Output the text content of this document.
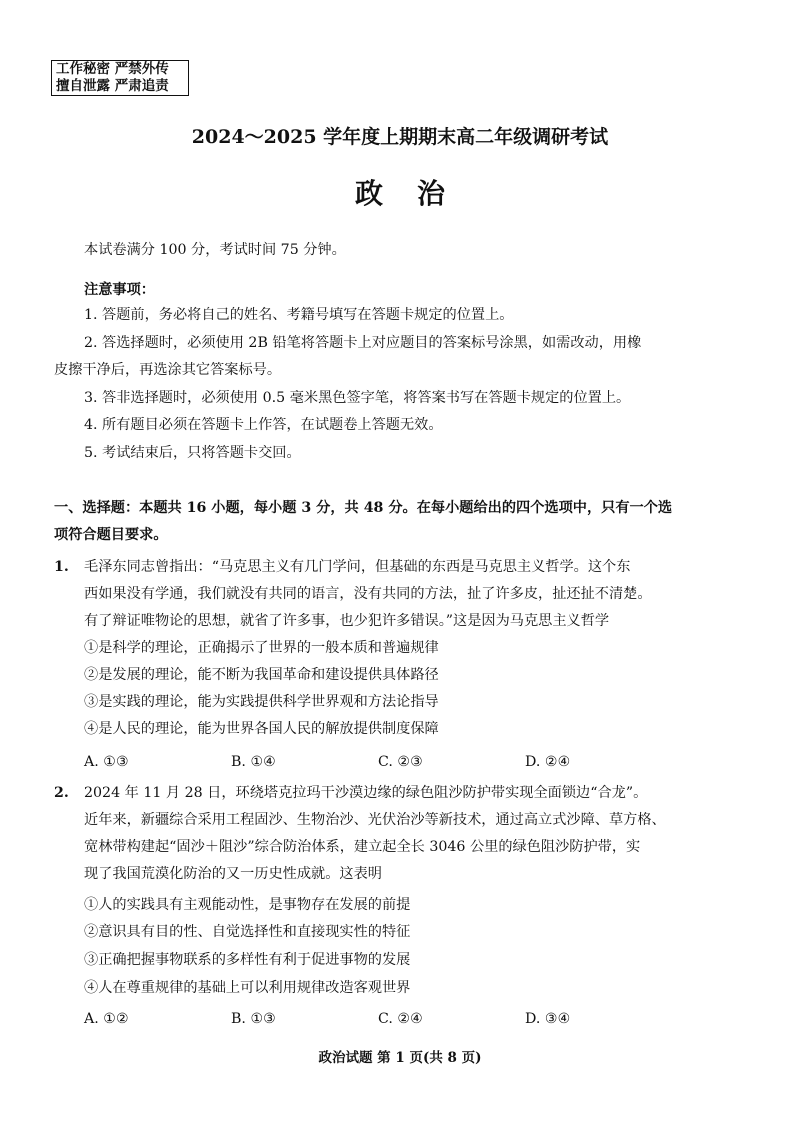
工作秘密 严禁外传
擅自泄露 严肃追责
2024～2025 学年度上期期末高二年级调研考试
政治
本试卷满分 100 分，考试时间 75 分钟。
注意事项：
1. 答题前，务必将自己的姓名、考籍号填写在答题卡规定的位置上。
2. 答选择题时，必须使用 2B 铅笔将答题卡上对应题目的答案标号涂黑，如需改动，用橡
皮擦干净后，再选涂其它答案标号。
3. 答非选择题时，必须使用 0.5 毫米黑色签字笔，将答案书写在答题卡规定的位置上。
4. 所有题目必须在答题卡上作答，在试题卷上答题无效。
5. 考试结束后，只将答题卡交回。
一、选择题：本题共 16 小题，每小题 3 分，共 48 分。在每小题给出的四个选项中，只有一个选
项符合题目要求。
1. 毛泽东同志曾指出：“马克思主义有几门学问，但基础的东西是马克思主义哲学。这个东
西如果没有学通，我们就没有共同的语言，没有共同的方法，扯了许多皮，扯还扯不清楚。
有了辩证唯物论的思想，就省了许多事，也少犯许多错误。”这是因为马克思主义哲学
①是科学的理论，正确揭示了世界的一般本质和普遍规律
②是发展的理论，能不断为我国革命和建设提供具体路径
③是实践的理论，能为实践提供科学世界观和方法论指导
④是人民的理论，能为世界各国人民的解放提供制度保障
A. ①③	B. ①④	C. ②③	D. ②④
2. 2024 年 11 月 28 日，环绕塔克拉玛干沙漠边缘的绿色阻沙防护带实现全面锁边“合龙”。
近年来，新疆综合采用工程固沙、生物治沙、光伏治沙等新技术，通过高立式沙障、草方格、
宽林带构建起“固沙＋阻沙”综合防治体系，建立起全长 3046 公里的绿色阻沙防护带，实
现了我国荒漠化防治的又一历史性成就。这表明
①人的实践具有主观能动性，是事物存在发展的前提
②意识具有目的性、自觉选择性和直接现实性的特征
③正确把握事物联系的多样性有利于促进事物的发展
④人在尊重规律的基础上可以利用规律改造客观世界
A. ①②	B. ①③	C. ②④	D. ③④
政治试题 第 1 页(共 8 页)
